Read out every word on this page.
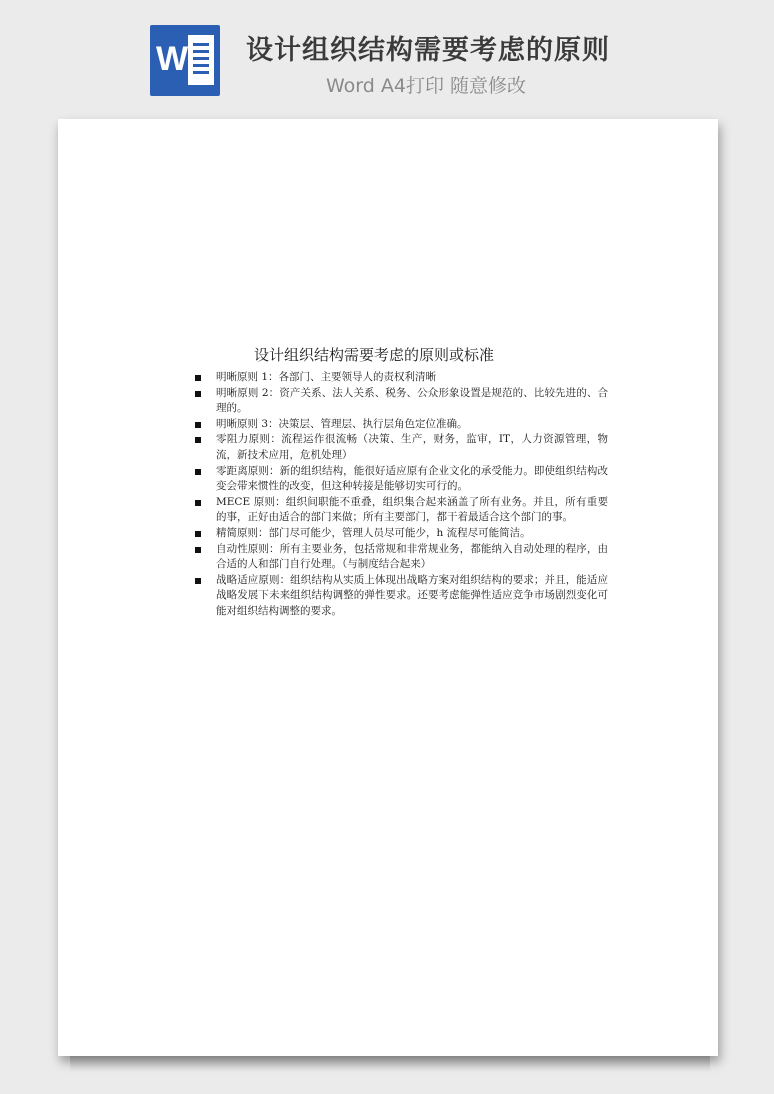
W 设计组织结构需要考虑的原则
Word A4打印 随意修改
设计组织结构需要考虑的原则或标准
明晰原则 1：各部门、主要领导人的责权利清晰
明晰原则 2：资产关系、法人关系、税务、公众形象设置是规范的、比较先进的、合理的。
明晰原则 3：决策层、管理层、执行层角色定位准确。
零阻力原则：流程运作很流畅（决策、生产，财务，监审，IT，人力资源管理，物流，新技术应用，危机处理）
零距离原则：新的组织结构，能很好适应原有企业文化的承受能力。即使组织结构改变会带来惯性的改变，但这种转接是能够切实可行的。
MECE 原则：组织间职能不重叠，组织集合起来涵盖了所有业务。并且，所有重要的事，正好由适合的部门来做；所有主要部门，都干着最适合这个部门的事。
精简原则：部门尽可能少，管理人员尽可能少，h 流程尽可能简洁。
自动性原则：所有主要业务，包括常规和非常规业务，都能纳入自动处理的程序，由合适的人和部门自行处理。（与制度结合起来）
战略适应原则：组织结构从实质上体现出战略方案对组织结构的要求；并且，能适应战略发展下未来组织结构调整的弹性要求。还要考虑能弹性适应竞争市场剧烈变化可能对组织结构调整的要求。
